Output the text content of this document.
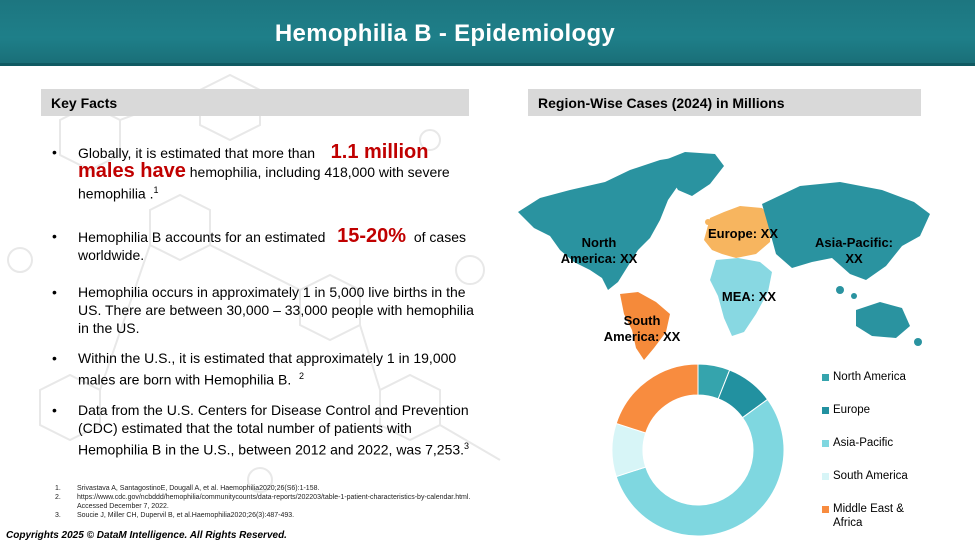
Hemophilia B - Epidemiology
Key Facts	Region-Wise Cases (2024) in Millions
• Globally, it is estimated that more than 1.1 million males have hemophilia, including 418,000 with severe hemophilia .$^1$
• Hemophilia B accounts for an estimated 15-20% of cases worldwide.
• Hemophilia occurs in approximately 1 in 5,000 live births in the US. There are between 30,000 – 33,000 people with hemophilia in the US.
• Within the U.S., it is estimated that approximately 1 in 19,000 males are born with Hemophilia B. $^2$
• Data from the U.S. Centers for Disease Control and Prevention (CDC) estimated that the total number of patients with Hemophilia B in the U.S., between 2012 and 2022, was 7,253.$^3$
1. Srivastava A, SantagostinoE, Dougall A, et al. Haemophilia2020;26(S6):1-158.
2. https://www.cdc.gov/ncbddd/hemophilia/communitycounts/data-reports/202203/table-1-patient-characteristics-by-calendar.html. Accessed December 7, 2022.
3. Soucie J, Miller CH, Dupervil B, et al.Haemophilia2020;26(3):487-493.
North America: XX
Europe: XX
Asia-Pacific: XX
MEA: XX
South America: XX
North America
Europe
Asia-Pacific
South America
Middle East & Africa
Copyrights 2025 © DataM Intelligence. All Rights Reserved.
